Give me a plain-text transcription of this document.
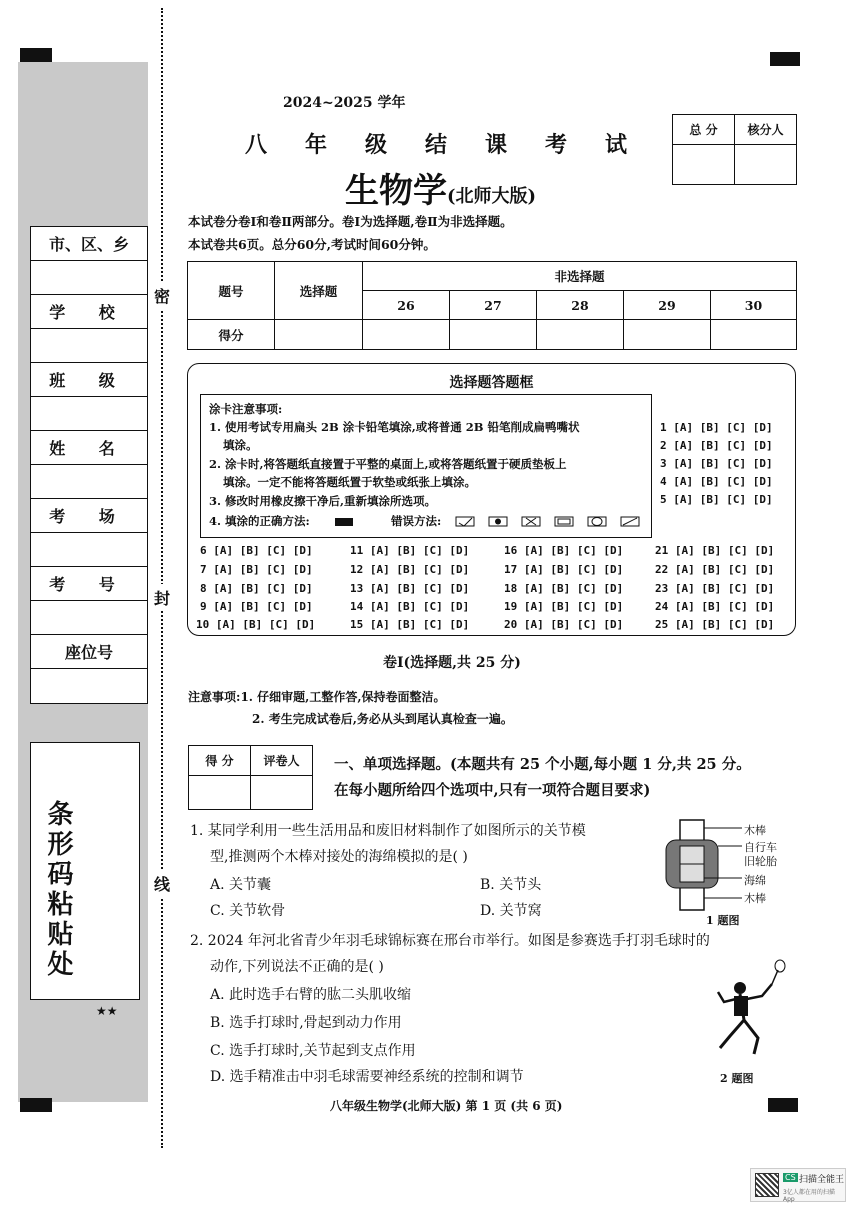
市、区、乡
学 校
班 级
姓 名
考 场
考 号
座位号
条形码粘贴处
★★
密
封
线
2024~2025 学年
八年级结课考试
生物学(北师大版)
总 分	核分人

本试卷分卷Ⅰ和卷Ⅱ两部分。卷Ⅰ为选择题,卷Ⅱ为非选择题。
本试卷共6页。总分60分,考试时间60分钟。
题号	选择题	非选择题				
		26	27	28	29	30
得分						
选择题答题框
涂卡注意事项:
1. 使用考试专用扁头 2B 涂卡铅笔填涂,或将普通 2B 铅笔削成扁鸭嘴状
填涂。
2. 涂卡时,将答题纸直接置于平整的桌面上,或将答题纸置于硬质垫板上
填涂。一定不能将答题纸置于软垫或纸张上填涂。
3. 修改时用橡皮擦干净后,重新填涂所选项。
4. 填涂的正确方法:	错误方法:
1 [A] [B] [C] [D]
2 [A] [B] [C] [D]
3 [A] [B] [C] [D]
4 [A] [B] [C] [D]
5 [A] [B] [C] [D]
6 [A] [B] [C] [D]
7 [A] [B] [C] [D]
8 [A] [B] [C] [D]
9 [A] [B] [C] [D]
10 [A] [B] [C] [D]
11 [A] [B] [C] [D]
12 [A] [B] [C] [D]
13 [A] [B] [C] [D]
14 [A] [B] [C] [D]
15 [A] [B] [C] [D]
16 [A] [B] [C] [D]
17 [A] [B] [C] [D]
18 [A] [B] [C] [D]
19 [A] [B] [C] [D]
20 [A] [B] [C] [D]
21 [A] [B] [C] [D]
22 [A] [B] [C] [D]
23 [A] [B] [C] [D]
24 [A] [B] [C] [D]
25 [A] [B] [C] [D]
卷Ⅰ(选择题,共 25 分)
注意事项:1. 仔细审题,工整作答,保持卷面整洁。
2. 考生完成试卷后,务必从头到尾认真检查一遍。
得 分	评卷人
	一、单项选择题。(本题共有 25 个小题,每小题 1 分,共 25 分。
在每小题所给四个选项中,只有一项符合题目要求)
1. 某同学利用一些生活用品和废旧材料制作了如图所示的关节模
型,推测两个木棒对接处的海绵模拟的是( )
A. 关节囊	B. 关节头
C. 关节软骨	D. 关节窝
木棒
自行车
旧轮胎
海绵
木棒
1 题图
2. 2024 年河北省青少年羽毛球锦标赛在邢台市举行。如图是参赛选手打羽毛球时的
动作,下列说法不正确的是( )
A. 此时选手右臂的肱二头肌收缩
B. 选手打球时,骨起到动力作用
C. 选手打球时,关节起到支点作用
D. 选手精准击中羽毛球需要神经系统的控制和调节	2 题图
八年级生物学(北师大版) 第 1 页 (共 6 页)
CS 扫描全能王
3亿人都在用的扫描App
